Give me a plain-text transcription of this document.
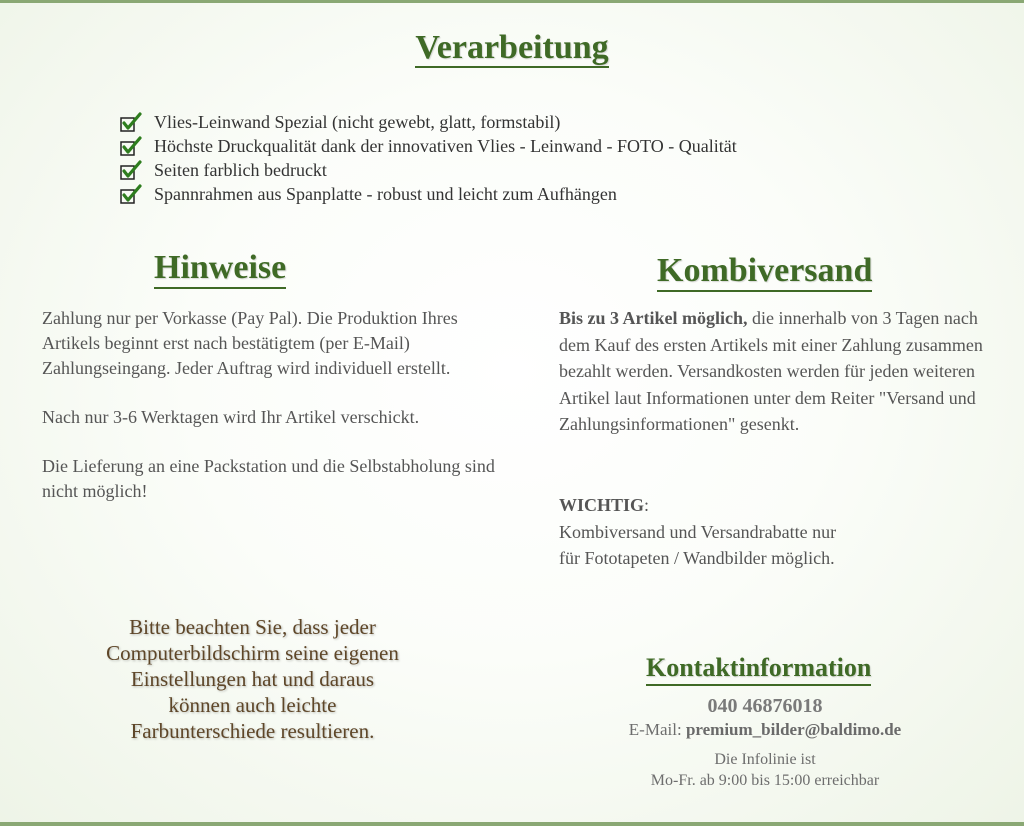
Verarbeitung
Vlies-Leinwand Spezial (nicht gewebt, glatt, formstabil)
Höchste Druckqualität dank der innovativen Vlies - Leinwand - FOTO - Qualität
Seiten farblich bedruckt
Spannrahmen aus Spanplatte - robust und leicht zum Aufhängen
Hinweise

Zahlung nur per Vorkasse (Pay Pal). Die Produktion Ihres Artikels beginnt erst nach bestätigtem (per E-Mail) Zahlungseingang. Jeder Auftrag wird individuell erstellt.

Nach nur 3-6 Werktagen wird Ihr Artikel verschickt.

Die Lieferung an eine Packstation und die Selbstabholung sind nicht möglich!

Kombiversand

Bis zu 3 Artikel möglich, die innerhalb von 3 Tagen nach dem Kauf des ersten Artikels mit einer Zahlung zusammen bezahlt werden. Versandkosten werden für jeden weiteren Artikel laut Informationen unter dem Reiter "Versand und Zahlungsinformationen" gesenkt.

WICHTIG:

Kombiversand und Versandrabatte nur

für Fototapeten / Wandbilder möglich.

Bitte beachten Sie, dass jeder

Computerbildschirm seine eigenen

Einstellungen hat und daraus

können auch leichte

Farbunterschiede resultieren.

Kontaktinformation

040 46876018

E-Mail: premium_bilder@baldimo.de

Die Infolinie ist
Mo-Fr. ab 9:00 bis 15:00 erreichbar
